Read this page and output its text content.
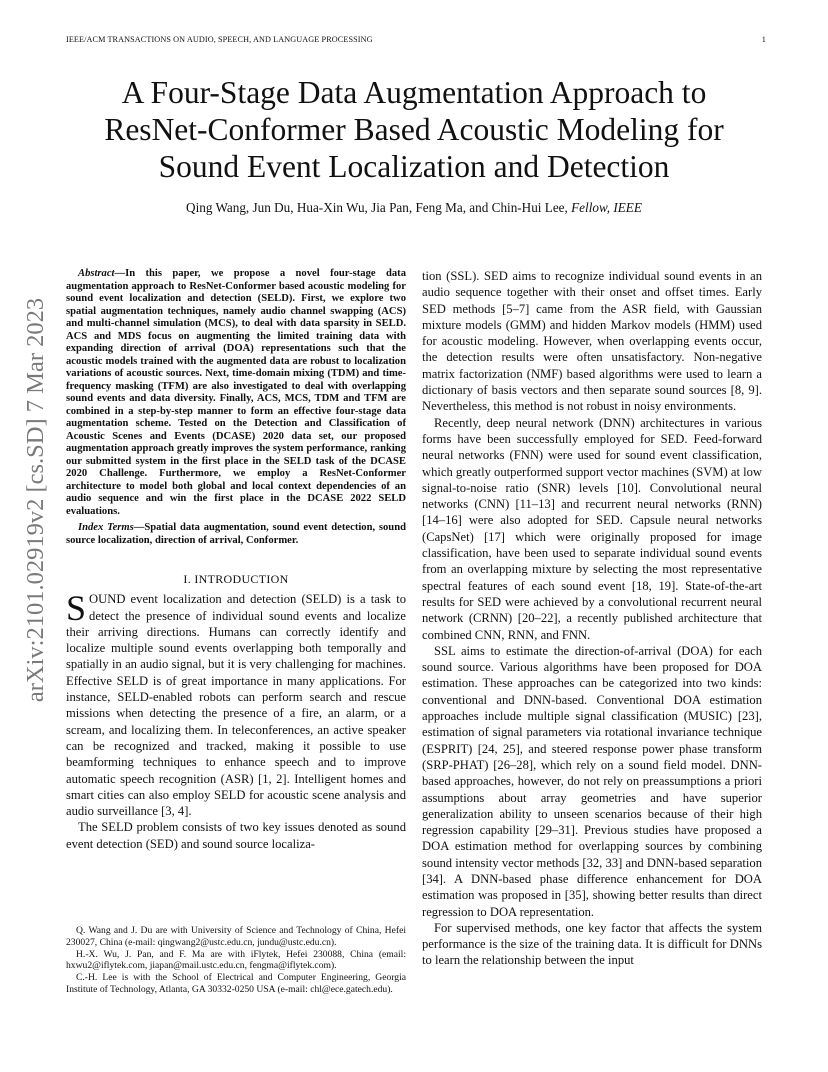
IEEE/ACM TRANSACTIONS ON AUDIO, SPEECH, AND LANGUAGE PROCESSING	1
A Four-Stage Data Augmentation Approach to
ResNet-Conformer Based Acoustic Modeling for
Sound Event Localization and Detection
Qing Wang, Jun Du, Hua-Xin Wu, Jia Pan, Feng Ma, and Chin-Hui Lee, Fellow, IEEE
arXiv:2101.02919v2 [cs.SD] 7 Mar 2023

Abstract—In this paper, we propose a novel four-stage data augmentation approach to ResNet-Conformer based acoustic modeling for sound event localization and detection (SELD). First, we explore two spatial augmentation techniques, namely audio channel swapping (ACS) and multi-channel simulation (MCS), to deal with data sparsity in SELD. ACS and MDS focus on augmenting the limited training data with expanding direction of arrival (DOA) representations such that the acoustic models trained with the augmented data are robust to localization variations of acoustic sources. Next, time-domain mixing (TDM) and time-frequency masking (TFM) are also investigated to deal with overlapping sound events and data diversity. Finally, ACS, MCS, TDM and TFM are combined in a step-by-step manner to form an effective four-stage data augmentation scheme. Tested on the Detection and Classification of Acoustic Scenes and Events (DCASE) 2020 data set, our proposed augmentation approach greatly improves the system performance, ranking our submitted system in the first place in the SELD task of the DCASE 2020 Challenge. Furthermore, we employ a ResNet-Conformer architecture to model both global and local context dependencies of an audio sequence and win the first place in the DCASE 2022 SELD evaluations.

Index Terms—Spatial data augmentation, sound event detection, sound source localization, direction of arrival, Conformer.

I. INTRODUCTION

SOUND event localization and detection (SELD) is a task to detect the presence of individual sound events and localize their arriving directions. Humans can correctly identify and localize multiple sound events overlapping both temporally and spatially in an audio signal, but it is very challenging for machines. Effective SELD is of great importance in many applications. For instance, SELD-enabled robots can perform search and rescue missions when detecting the presence of a fire, an alarm, or a scream, and localizing them. In teleconferences, an active speaker can be recognized and tracked, making it possible to use beamforming techniques to enhance speech and to improve automatic speech recognition (ASR) [1, 2]. Intelligent homes and smart cities can also employ SELD for acoustic scene analysis and audio surveillance [3, 4].

The SELD problem consists of two key issues denoted as sound event detection (SED) and sound source localiza-

Q. Wang and J. Du are with University of Science and Technology of China, Hefei 230027, China (e-mail: qingwang2@ustc.edu.cn, jundu@ustc.edu.cn).

H.-X. Wu, J. Pan, and F. Ma are with iFlytek, Hefei 230088, China (email: hxwu2@iflytek.com, jiapan@mail.ustc.edu.cn, fengma@iflytek.com).

C.-H. Lee is with the School of Electrical and Computer Engineering, Georgia Institute of Technology, Atlanta, GA 30332-0250 USA (e-mail: chl@ece.gatech.edu).

tion (SSL). SED aims to recognize individual sound events in an audio sequence together with their onset and offset times. Early SED methods [5–7] came from the ASR field, with Gaussian mixture models (GMM) and hidden Markov models (HMM) used for acoustic modeling. However, when overlapping events occur, the detection results were often unsatisfactory. Non-negative matrix factorization (NMF) based algorithms were used to learn a dictionary of basis vectors and then separate sound sources [8, 9]. Nevertheless, this method is not robust in noisy environments.

Recently, deep neural network (DNN) architectures in various forms have been successfully employed for SED. Feed-forward neural networks (FNN) were used for sound event classification, which greatly outperformed support vector machines (SVM) at low signal-to-noise ratio (SNR) levels [10]. Convolutional neural networks (CNN) [11–13] and recurrent neural networks (RNN) [14–16] were also adopted for SED. Capsule neural networks (CapsNet) [17] which were originally proposed for image classification, have been used to separate individual sound events from an overlapping mixture by selecting the most representative spectral features of each sound event [18, 19]. State-of-the-art results for SED were achieved by a convolutional recurrent neural network (CRNN) [20–22], a recently published architecture that combined CNN, RNN, and FNN.

SSL aims to estimate the direction-of-arrival (DOA) for each sound source. Various algorithms have been proposed for DOA estimation. These approaches can be categorized into two kinds: conventional and DNN-based. Conventional DOA estimation approaches include multiple signal classification (MUSIC) [23], estimation of signal parameters via rotational invariance technique (ESPRIT) [24, 25], and steered response power phase transform (SRP-PHAT) [26–28], which rely on a sound field model. DNN-based approaches, however, do not rely on preassumptions a priori assumptions about array geometries and have superior generalization ability to unseen scenarios because of their high regression capability [29–31]. Previous studies have proposed a DOA estimation method for overlapping sources by combining sound intensity vector methods [32, 33] and DNN-based separation [34]. A DNN-based phase difference enhancement for DOA estimation was proposed in [35], showing better results than direct regression to DOA representation.

For supervised methods, one key factor that affects the system performance is the size of the training data. It is difficult for DNNs to learn the relationship between the input
